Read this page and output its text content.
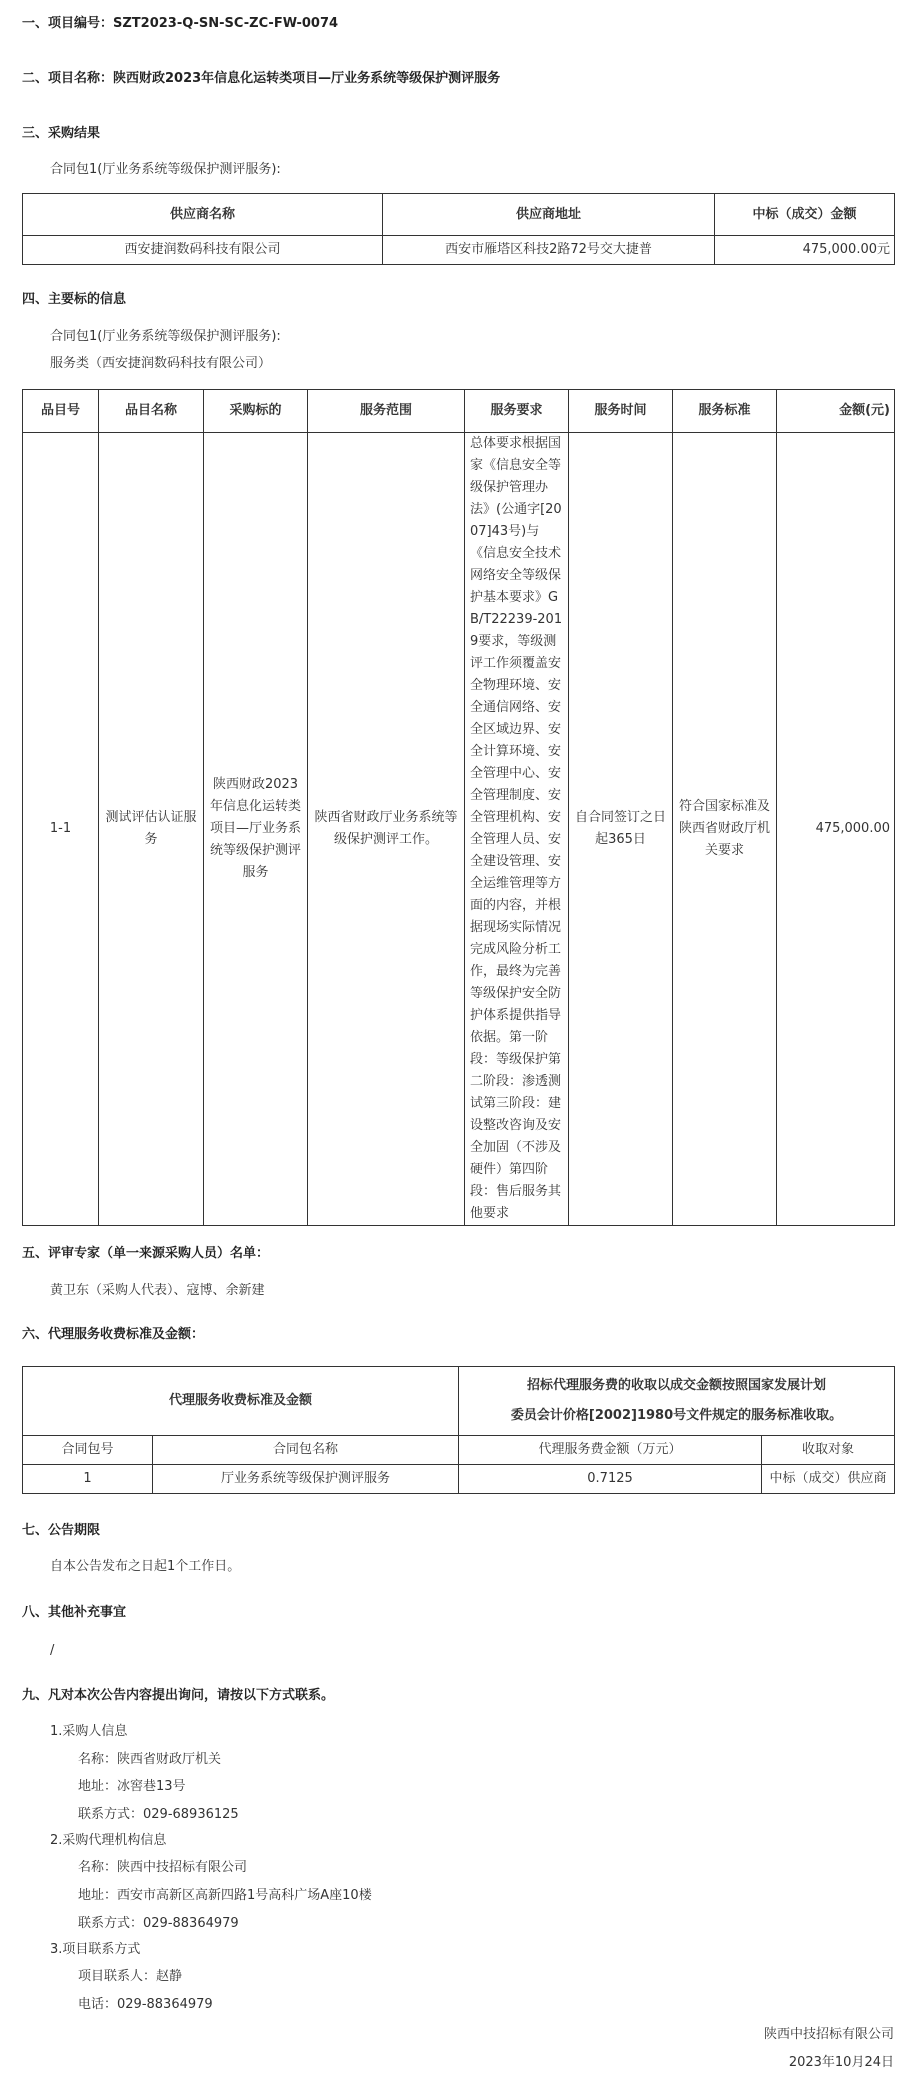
一、项目编号：SZT2023-Q-SN-SC-ZC-FW-0074
二、项目名称：陕西财政2023年信息化运转类项目—厅业务系统等级保护测评服务
三、采购结果
合同包1(厅业务系统等级保护测评服务):
供应商名称	供应商地址	中标（成交）金额
西安捷润数码科技有限公司	西安市雁塔区科技2路72号交大捷普	475,000.00元
四、主要标的信息
合同包1(厅业务系统等级保护测评服务):
服务类（西安捷润数码科技有限公司）
品目号	品目名称	采购标的	服务范围	服务要求	服务时间	服务标准	金额(元)
1-1	测试评估认证服务	陕西财政2023年信息化运转类项目—厅业务系统等级保护测评服务	陕西省财政厅业务系统等级保护测评工作。	总体要求根据国家《信息安全等级保护管理办法》(公通字[2007]43号)与《信息安全技术网络安全等级保护基本要求》GB/T22239-2019要求，等级测评工作须覆盖安全物理环境、安全通信网络、安全区域边界、安全计算环境、安全管理中心、安全管理制度、安全管理机构、安全管理人员、安全建设管理、安全运维管理等方面的内容，并根据现场实际情况完成风险分析工作，最终为完善等级保护安全防护体系提供指导依据。第一阶段：等级保护第二阶段：渗透测试第三阶段：建设整改咨询及安全加固（不涉及硬件）第四阶段：售后服务其他要求	自合同签订之日起365日	符合国家标准及陕西省财政厅机关要求	475,000.00
五、评审专家（单一来源采购人员）名单：
黄卫东（采购人代表）、寇博、余新建
六、代理服务收费标准及金额：
代理服务收费标准及金额		招标代理服务费的收取以成交金额按照国家发展计划
委员会计价格[2002]1980号文件规定的服务标准收取。	

合同包号	合同包名称	代理服务费金额（万元）	收取对象
1	厅业务系统等级保护测评服务	0.7125	中标（成交）供应商
七、公告期限
自本公告发布之日起1个工作日。
八、其他补充事宜
/
九、凡对本次公告内容提出询问，请按以下方式联系。
1.采购人信息
名称：陕西省财政厅机关
地址：冰窖巷13号
联系方式：029-68936125
2.采购代理机构信息
名称：陕西中技招标有限公司
地址：西安市高新区高新四路1号高科广场A座10楼
联系方式：029-88364979
3.项目联系方式
项目联系人：赵静
电话：029-88364979
陕西中技招标有限公司
2023年10月24日
